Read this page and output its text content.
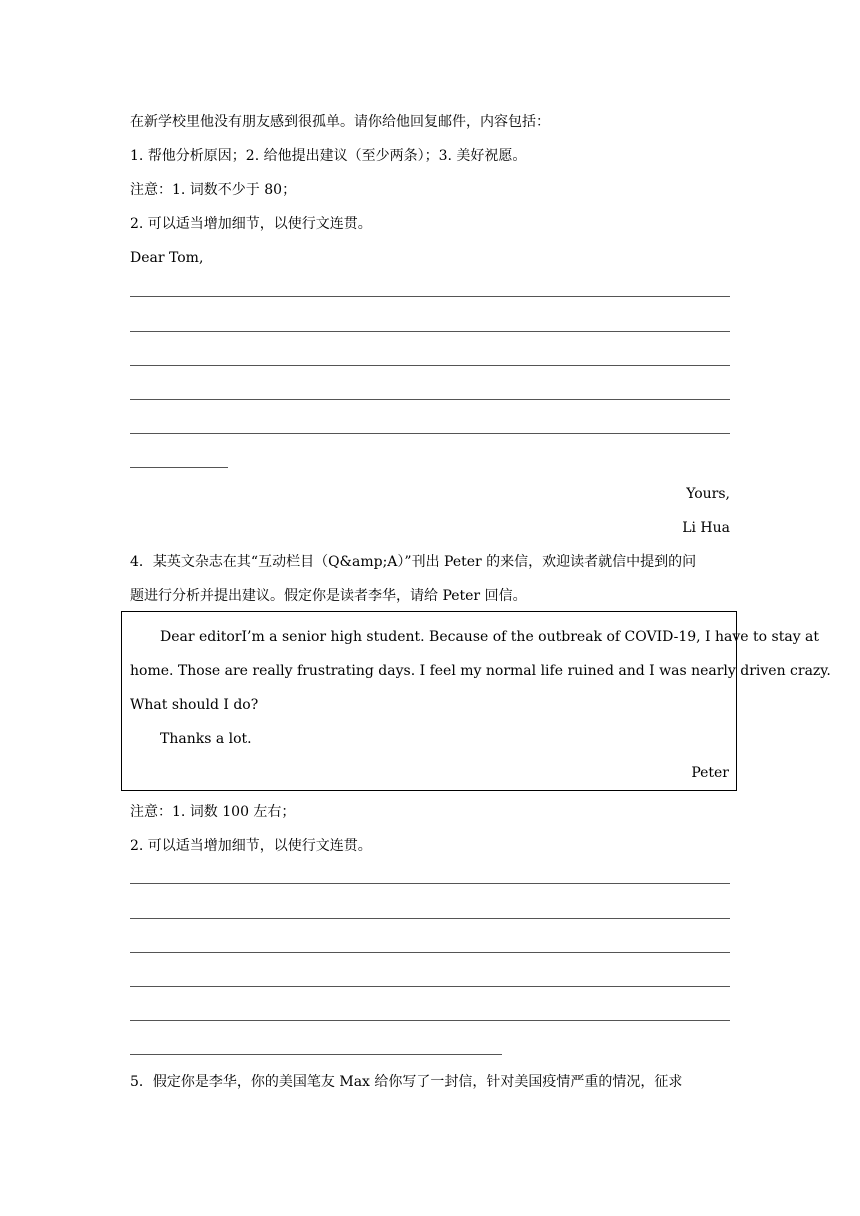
在新学校里他没有朋友感到很孤单。请你给他回复邮件，内容包括：
1. 帮他分析原因；2. 给他提出建议（至少两条）；3. 美好祝愿。
注意：1. 词数不少于 80；
2. 可以适当增加细节，以使行文连贯。
Dear Tom,
Yours,
Li Hua
4．某英文杂志在其“互动栏目（Q&amp;A）”刊出 Peter 的来信，欢迎读者就信中提到的问
题进行分析并提出建议。假定你是读者李华，请给 Peter 回信。
Dear editorI’m a senior high student. Because of the outbreak of COVID-19, I have to stay at
home. Those are really frustrating days. I feel my normal life ruined and I was nearly driven crazy.
What should I do?
Thanks a lot.
Peter
注意：1. 词数 100 左右；
2. 可以适当增加细节，以使行文连贯。
5．假定你是李华，你的美国笔友 Max 给你写了一封信，针对美国疫情严重的情况，征求
